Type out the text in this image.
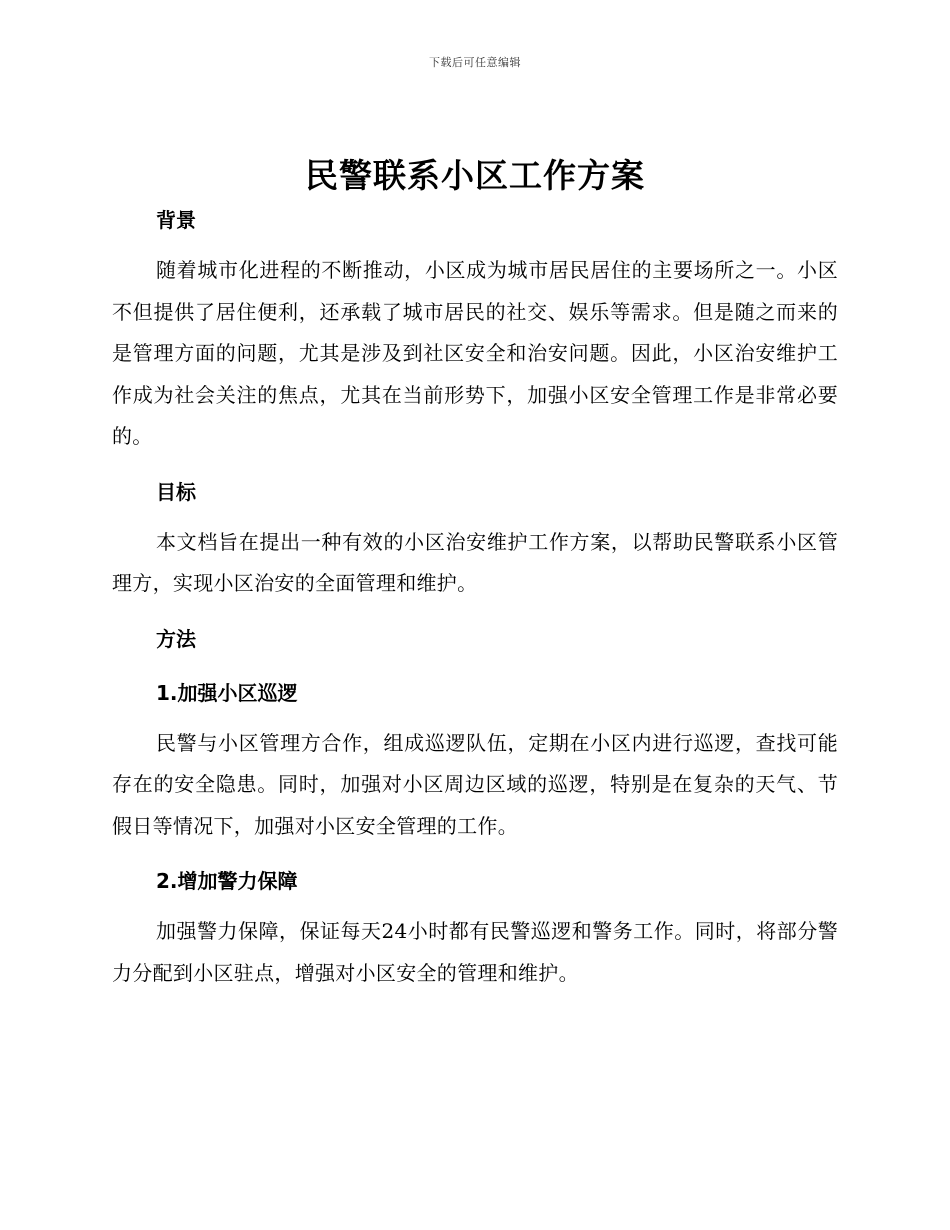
下载后可任意编辑
民警联系小区工作方案
背景

随着城市化进程的不断推动，小区成为城市居民居住的主要场所之一。小区不但提供了居住便利，还承载了城市居民的社交、娱乐等需求。但是随之而来的是管理方面的问题，尤其是涉及到社区安全和治安问题。因此，小区治安维护工作成为社会关注的焦点，尤其在当前形势下，加强小区安全管理工作是非常必要的。

目标

本文档旨在提出一种有效的小区治安维护工作方案，以帮助民警联系小区管理方，实现小区治安的全面管理和维护。

方法
1.加强小区巡逻

民警与小区管理方合作，组成巡逻队伍，定期在小区内进行巡逻，查找可能存在的安全隐患。同时，加强对小区周边区域的巡逻，特别是在复杂的天气、节假日等情况下，加强对小区安全管理的工作。

2.增加警力保障

加强警力保障，保证每天24小时都有民警巡逻和警务工作。同时，将部分警力分配到小区驻点，增强对小区安全的管理和维护。
